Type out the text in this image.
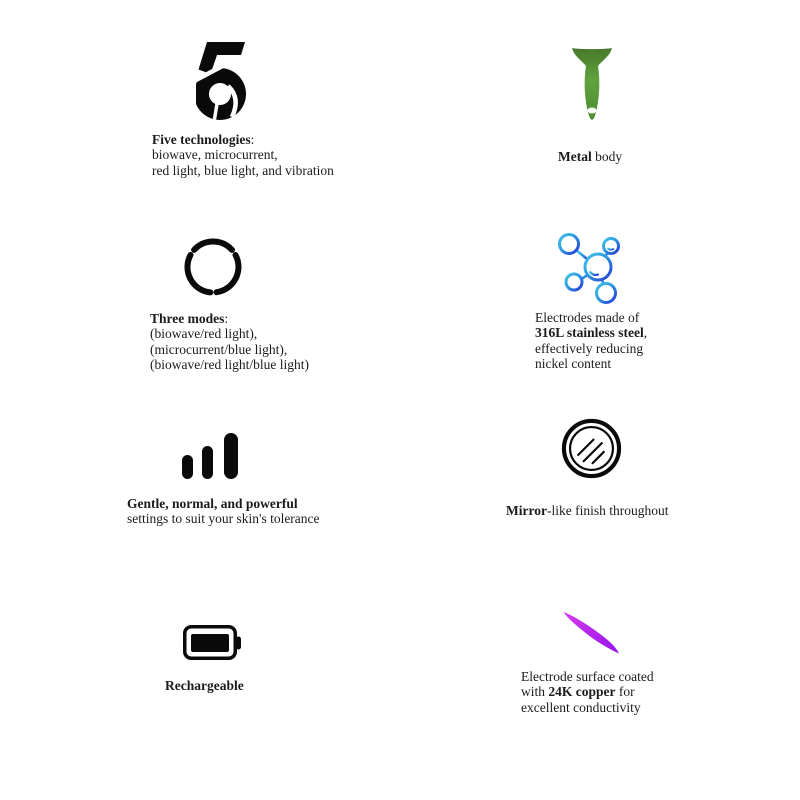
Five technologies:
biowave, microcurrent,
red light, blue light, and vibration
Metal body
Three modes:
(biowave/red light),
(microcurrent/blue light),
(biowave/red light/blue light)
Electrodes made of
316L stainless steel,
effectively reducing
nickel content
Gentle, normal, and powerful
settings to suit your skin's tolerance
Mirror-like finish throughout
Rechargeable
Electrode surface coated
with 24K copper for
excellent conductivity
